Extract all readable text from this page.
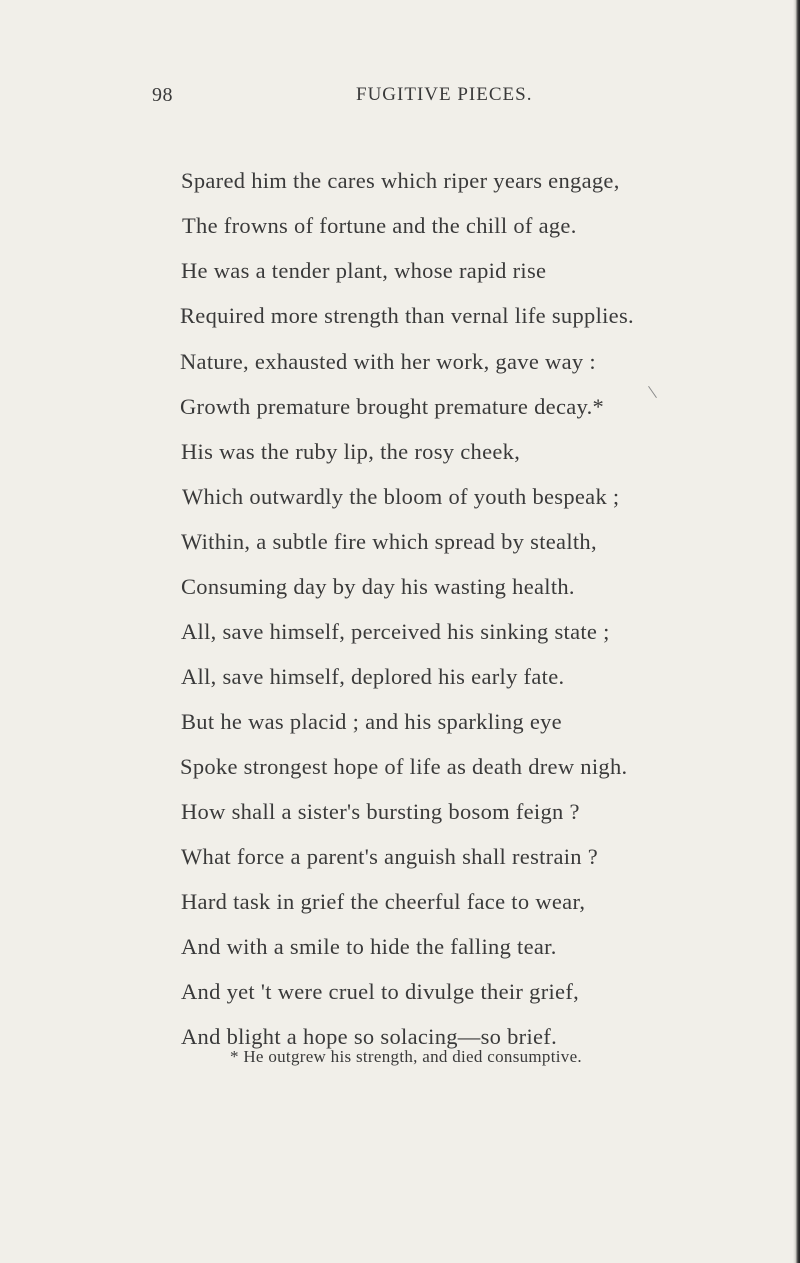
98	FUGITIVE PIECES.
Spared him the cares which riper years engage,
The frowns of fortune and the chill of age.
He was a tender plant, whose rapid rise
Required more strength than vernal life supplies.
Nature, exhausted with her work, gave way :
Growth premature brought premature decay.*
His was the ruby lip, the rosy cheek,
Which outwardly the bloom of youth bespeak ;
Within, a subtle fire which spread by stealth,
Consuming day by day his wasting health.
All, save himself, perceived his sinking state ;
All, save himself, deplored his early fate.
But he was placid ; and his sparkling eye
Spoke strongest hope of life as death drew nigh.
How shall a sister's bursting bosom feign ?
What force a parent's anguish shall restrain ?
Hard task in grief the cheerful face to wear,
And with a smile to hide the falling tear.
And yet 't were cruel to divulge their grief,
And blight a hope so solacing—so brief.
* He outgrew his strength, and died consumptive.
